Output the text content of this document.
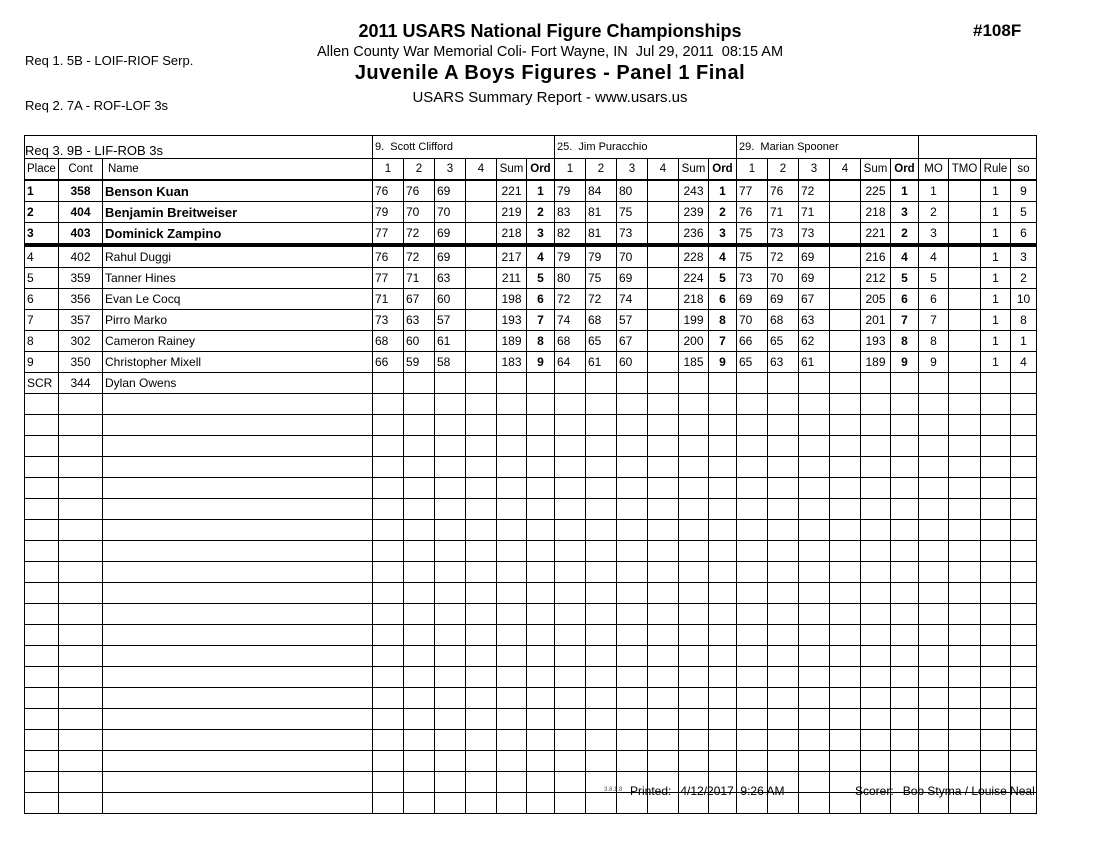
Req 1. 5B - LOIF-RIOF Serp.

Req 2. 7A - ROF-LOF 3s

Req 3. 9B - LIF-ROB 3s

2011 USARS National Figure Championships
Allen County War Memorial Coli- Fort Wayne, IN  Jul 29, 2011  08:15 AM
Juvenile A Boys Figures - Panel 1 Final
USARS Summary Report - www.usars.us
#108F
			9.  Scott Clifford						25.  Jim Puracchio						29.  Marian Spooner									
Place	Cont	Name	1	2	3	4	Sum	Ord	1	2	3	4	Sum	Ord	1	2	3	4	Sum	Ord	MO	TMO	Rule	so
1	358	Benson Kuan	76	76	69		221	1	79	84	80		243	1	77	76	72		225	1	1		1	9
2	404	Benjamin Breitweiser	79	70	70		219	2	83	81	75		239	2	76	71	71		218	3	2		1	5
3	403	Dominick Zampino	77	72	69		218	3	82	81	73		236	3	75	73	73		221	2	3		1	6
4	402	Rahul Duggi	76	72	69		217	4	79	79	70		228	4	75	72	69		216	4	4		1	3
5	359	Tanner Hines	77	71	63		211	5	80	75	69		224	5	73	70	69		212	5	5		1	2
6	356	Evan Le Cocq	71	67	60		198	6	72	72	74		218	6	69	69	67		205	6	6		1	10
7	357	Pirro Marko	73	63	57		193	7	74	68	57		199	8	70	68	63		201	7	7		1	8
8	302	Cameron Rainey	68	60	61		189	8	68	65	67		200	7	66	65	62		193	8	8		1	1
9	350	Christopher Mixell	66	59	58		183	9	64	61	60		185	9	65	63	61		189	9	9		1	4
SCR	344	Dylan Owens																						

3.8.1.8 Printed: 4/12/2017  9:26 AM	Scorer: Bob Styma / Louise Neal
